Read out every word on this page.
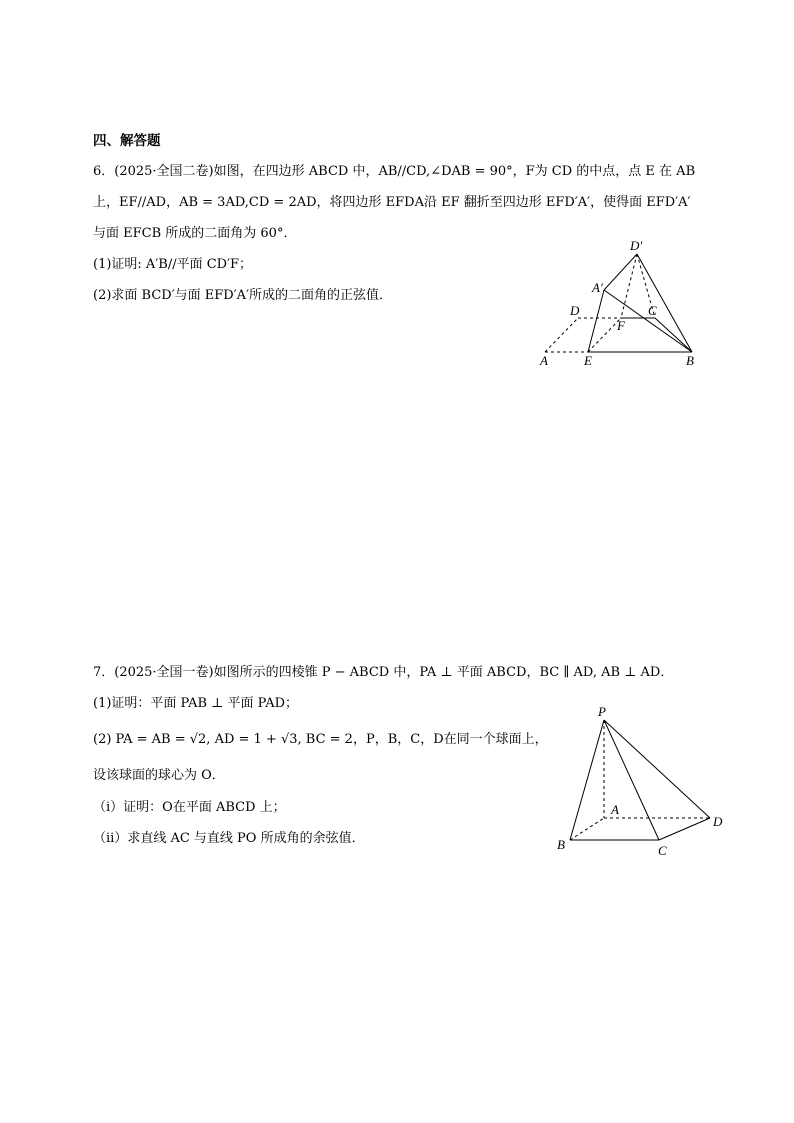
四、解答题
6．(2025·全国二卷)如图，在四边形 ABCD 中，AB//CD,∠DAB = 90°，F为 CD 的中点，点 E 在 AB
上，EF//AD，AB = 3AD,CD = 2AD，将四边形 EFDA沿 EF 翻折至四边形 EFD′A′，使得面 EFD′A′
与面 EFCB 所成的二面角为 60°．
(1)证明: A′B//平面 CD′F；
(2)求面 BCD′与面 EFD′A′所成的二面角的正弦值．
D′
A′
D
F
C
A	E	B
7．(2025·全国一卷)如图所示的四棱锥 P − ABCD 中，PA ⊥ 平面 ABCD，BC ∥ AD, AB ⊥ AD．
(1)证明：平面 PAB ⊥ 平面 PAD；
(2) PA = AB = √2, AD = 1 + √3, BC = 2，P，B，C，D在同一个球面上，
设该球面的球心为 O．
（i）证明：O在平面 ABCD 上；
（ii）求直线 AC 与直线 PO 所成角的余弦值．
P
A
B	C
D
